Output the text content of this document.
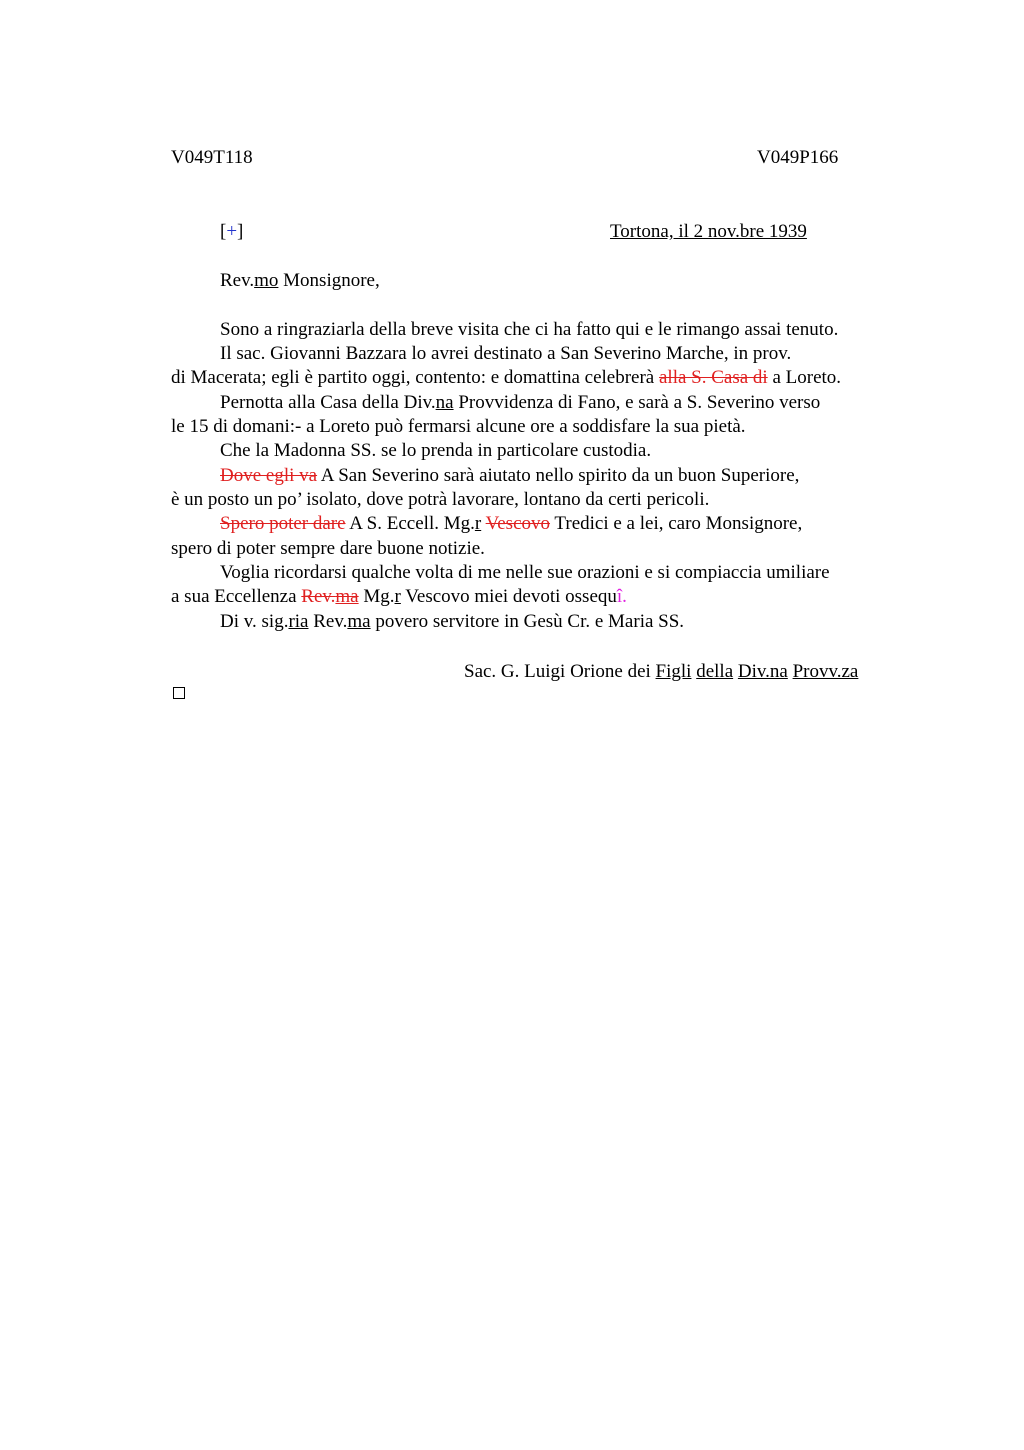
V049T118	V049P166
[+]	Tortona, il 2 nov.bre 1939
Rev.mo Monsignore,
Sono a ringraziarla della breve visita che ci ha fatto qui e le rimango assai tenuto.
Il sac. Giovanni Bazzara lo avrei destinato a San Severino Marche, in prov.
di Macerata; egli è partito oggi, contento: e domattina celebrerà alla S. Casa di a Loreto.
Pernotta alla Casa della Div.na Provvidenza di Fano, e sarà a S. Severino verso
le 15 di domani:- a Loreto può fermarsi alcune ore a soddisfare la sua pietà.
Che la Madonna SS. se lo prenda in particolare custodia.
Dove egli va A San Severino sarà aiutato nello spirito da un buon Superiore,
è un posto un po’ isolato, dove potrà lavorare, lontano da certi pericoli.
Spero poter dare A S. Eccell. Mg.r Vescovo Tredici e a lei, caro Monsignore,
spero di poter sempre dare buone notizie.
Voglia ricordarsi qualche volta di me nelle sue orazioni e si compiaccia umiliare
a sua Eccellenza Rev.ma Mg.r Vescovo miei devoti ossequî.
Di v. sig.ria Rev.ma povero servitore in Gesù Cr. e Maria SS.
Sac. G. Luigi Orione dei Figli della Div.na Provv.za
